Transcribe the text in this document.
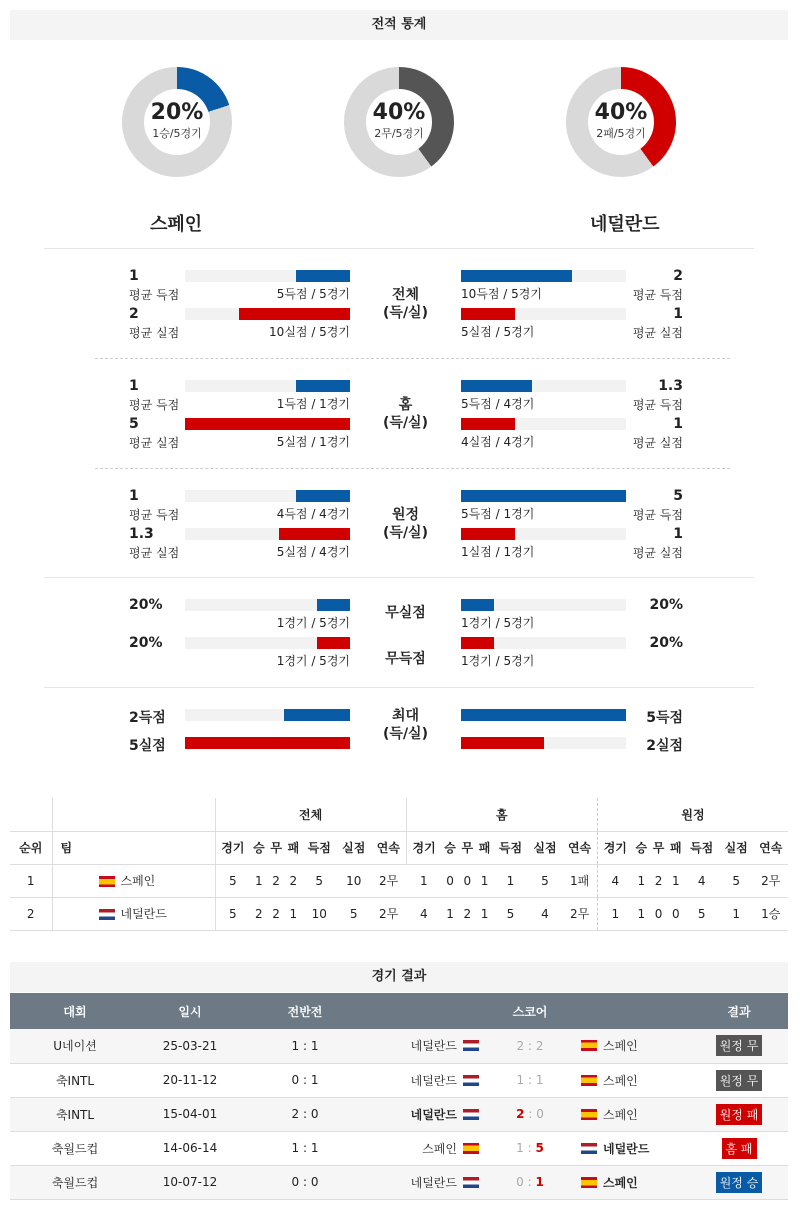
전적 통계
20%
1승/5경기
40%
2무/5경기
40%
2패/5경기
스페인	네덜란드
1
평균 득점
2
평균 득점
5득점 / 5경기	10득점 / 5경기
2
평균 실점
1
평균 실점
10실점 / 5경기	5실점 / 5경기
전체
(득/실)
1
평균 득점
1.3
평균 득점
1득점 / 1경기	5득점 / 4경기
5
평균 실점
1
평균 실점
5실점 / 1경기	4실점 / 4경기
홈
(득/실)
1
평균 득점
5
평균 득점
4득점 / 4경기	5득점 / 1경기
1.3
평균 실점
1
평균 실점
5실점 / 4경기	1실점 / 1경기
원정
(득/실)
20%	20%
1경기 / 5경기	1경기 / 5경기
무실점
20%	20%
1경기 / 5경기	1경기 / 5경기
무득점
2득점	5득점
5실점	2실점
최대
(득/실)
		전체							홈							원정						
순위	팀	경기	승	무	패	득점	실점	연속	경기	승	무	패	득점	실점	연속	경기	승	무	패	득점	실점	연속
1	스페인	5	1	2	2	5	10	2무	1	0	0	1	1	5	1패	4	1	2	1	4	5	2무
2	네덜란드	5	2	2	1	10	5	2무	4	1	2	1	5	4	2무	1	1	0	0	5	1	1승
경기 결과
대회	일시	전반전	스코어	결과
U네이션	25-03-21	1 : 1	네덜란드 2 : 2 스페인	원정 무
축INTL	20-11-12	0 : 1	네덜란드 1 : 1 스페인	원정 무
축INTL	15-04-01	2 : 0	네덜란드 2 : 0 스페인	원정 패
축월드컵	14-06-14	1 : 1	스페인 1 : 5 네덜란드	홈 패
축월드컵	10-07-12	0 : 0	네덜란드 0 : 1 스페인	원정 승
